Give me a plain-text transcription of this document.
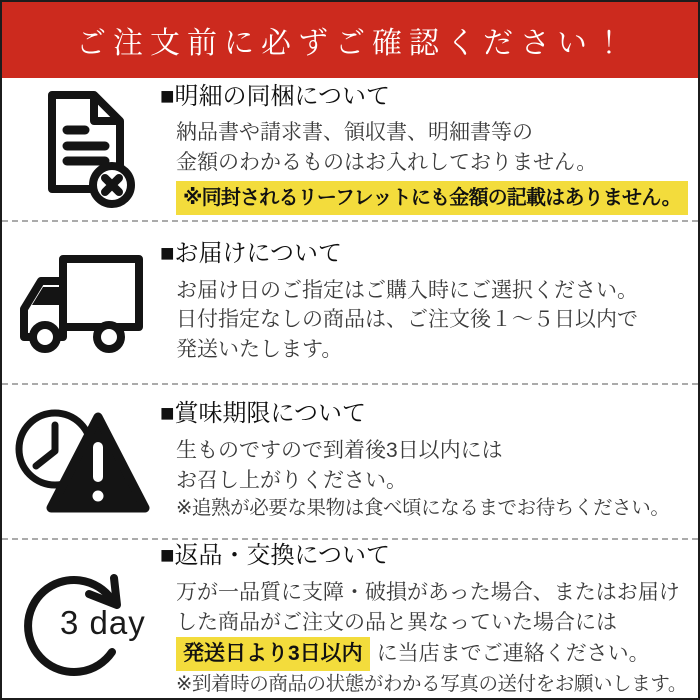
ご注文前に必ずご確認ください！
■明細の同梱について
納品書や請求書、領収書、明細書等の
金額のわかるものはお入れしておりません。
※同封されるリーフレットにも金額の記載はありません。
■お届けについて
お届け日のご指定はご購入時にご選択ください。
日付指定なしの商品は、ご注文後１～５日以内で
発送いたします。
■賞味期限について
生ものですので到着後3日以内には
お召し上がりください。
※追熟が必要な果物は食べ頃になるまでお待ちください。
3 day
■返品・交換について
万が一品質に支障・破損があった場合、またはお届け
した商品がご注文の品と異なっていた場合には
発送日より3日以内 に当店までご連絡ください。
※到着時の商品の状態がわかる写真の送付をお願いします。
